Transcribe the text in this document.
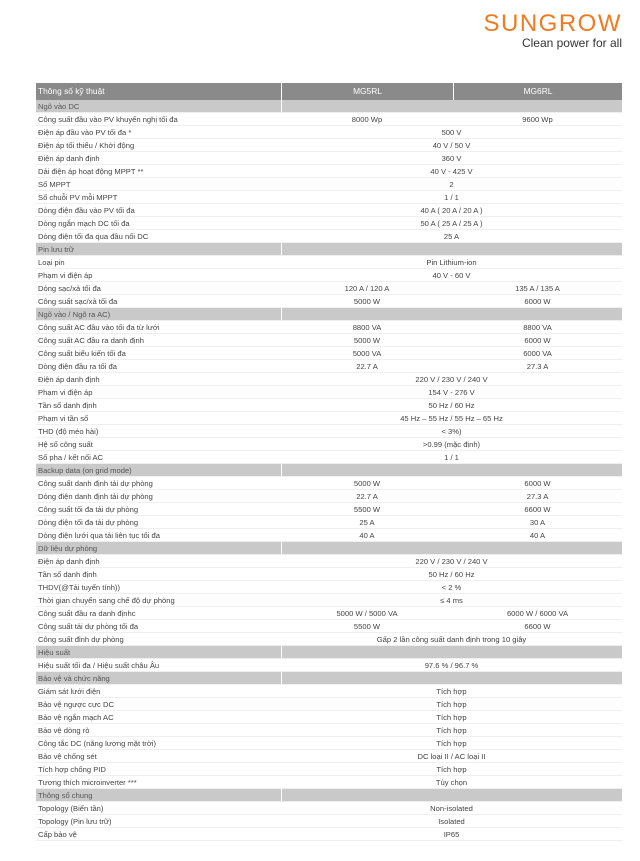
SUNGROW
Clean power for all
Thông số kỹ thuật	MG5RL	MG6RL
Ngõ vào DC
Công suất đầu vào PV khuyến nghị tối đa	8000 Wp	9600 Wp
Điện áp đầu vào PV tối đa *	500 V
Điện áp tối thiểu / Khởi động	40 V / 50 V
Điện áp danh định	360 V
Dải điện áp hoạt động MPPT **	40 V - 425 V
Số MPPT	2
Số chuỗi PV mỗi MPPT	1 / 1
Dòng điện đầu vào PV tối đa	40 A ( 20 A / 20 A )
Dòng ngắn mạch DC tối đa	50 A ( 25 A / 25 A )
Dòng điện tối đa qua đầu nối DC	25 A
Pin lưu trữ
Loại pin	Pin Lithium-ion
Phạm vi điện áp	40 V - 60 V
Dòng sạc/xả tối đa	120 A / 120 A	135 A / 135 A
Công suất sạc/xả tối đa	5000 W	6000 W
Ngõ vào / Ngõ ra AC)
Công suất AC đầu vào tối đa từ lưới	8800 VA	8800 VA
Công suất AC đầu ra danh định	5000 W	6000 W
Công suất biểu kiến tối đa	5000 VA	6000 VA
Dòng điện đầu ra tối đa	22.7 A	27.3 A
Điện áp danh định	220 V / 230 V / 240 V
Phạm vi điện áp	154 V - 276 V
Tần số danh định	50 Hz / 60 Hz
Phạm vi tần số	45 Hz – 55 Hz / 55 Hz – 65 Hz
THD (độ méo hài)	< 3%)
Hệ số công suất	>0.99 (mặc định)
Số pha / kết nối AC	1 / 1
Backup data (on grid mode)
Công suất danh định tải dự phòng	5000 W	6000 W
Dòng điện danh định tải dự phòng	22.7 A	27.3 A
Công suất tối đa tải dự phòng	5500 W	6600 W
Dòng điện tối đa tải dự phòng	25 A	30 A
Dòng điện lưới qua tải liên tục tối đa	40 A	40 A
Dữ liệu dự phòng
Điện áp danh định	220 V / 230 V / 240 V
Tần số danh định	50 Hz / 60 Hz
THDV(@Tải tuyến tính))	< 2 %
Thời gian chuyển sang chế độ dự phòng	≤ 4 ms
Công suất đầu ra danh địnhc	5000 W / 5000 VA	6000 W / 6000 VA
Công suất tải dự phòng tối đa	5500 W	6600 W
Công suất đỉnh dự phòng	Gấp 2 lần công suất danh định trong 10 giây
Hiệu suất
Hiệu suất tối đa / Hiệu suất châu Âu	97.6 % / 96.7 %
Bảo vệ và chức năng
Giám sát lưới điện	Tích hợp
Bảo vệ ngược cực DC	Tích hợp
Bảo vệ ngắn mạch AC	Tích hợp
Bảo vệ dòng rò	Tích hợp
Công tắc DC (năng lượng mặt trời)	Tích hợp
Bảo vệ chống sét	DC loại II / AC loại II
Tích hợp chống PID	Tích hợp
Tương thích microinverter ***	Tùy chọn
Thông số chung
Topology (Biến tần)	Non-isolated
Topology (Pin lưu trữ)	Isolated
Cấp bảo vệ	IP65
